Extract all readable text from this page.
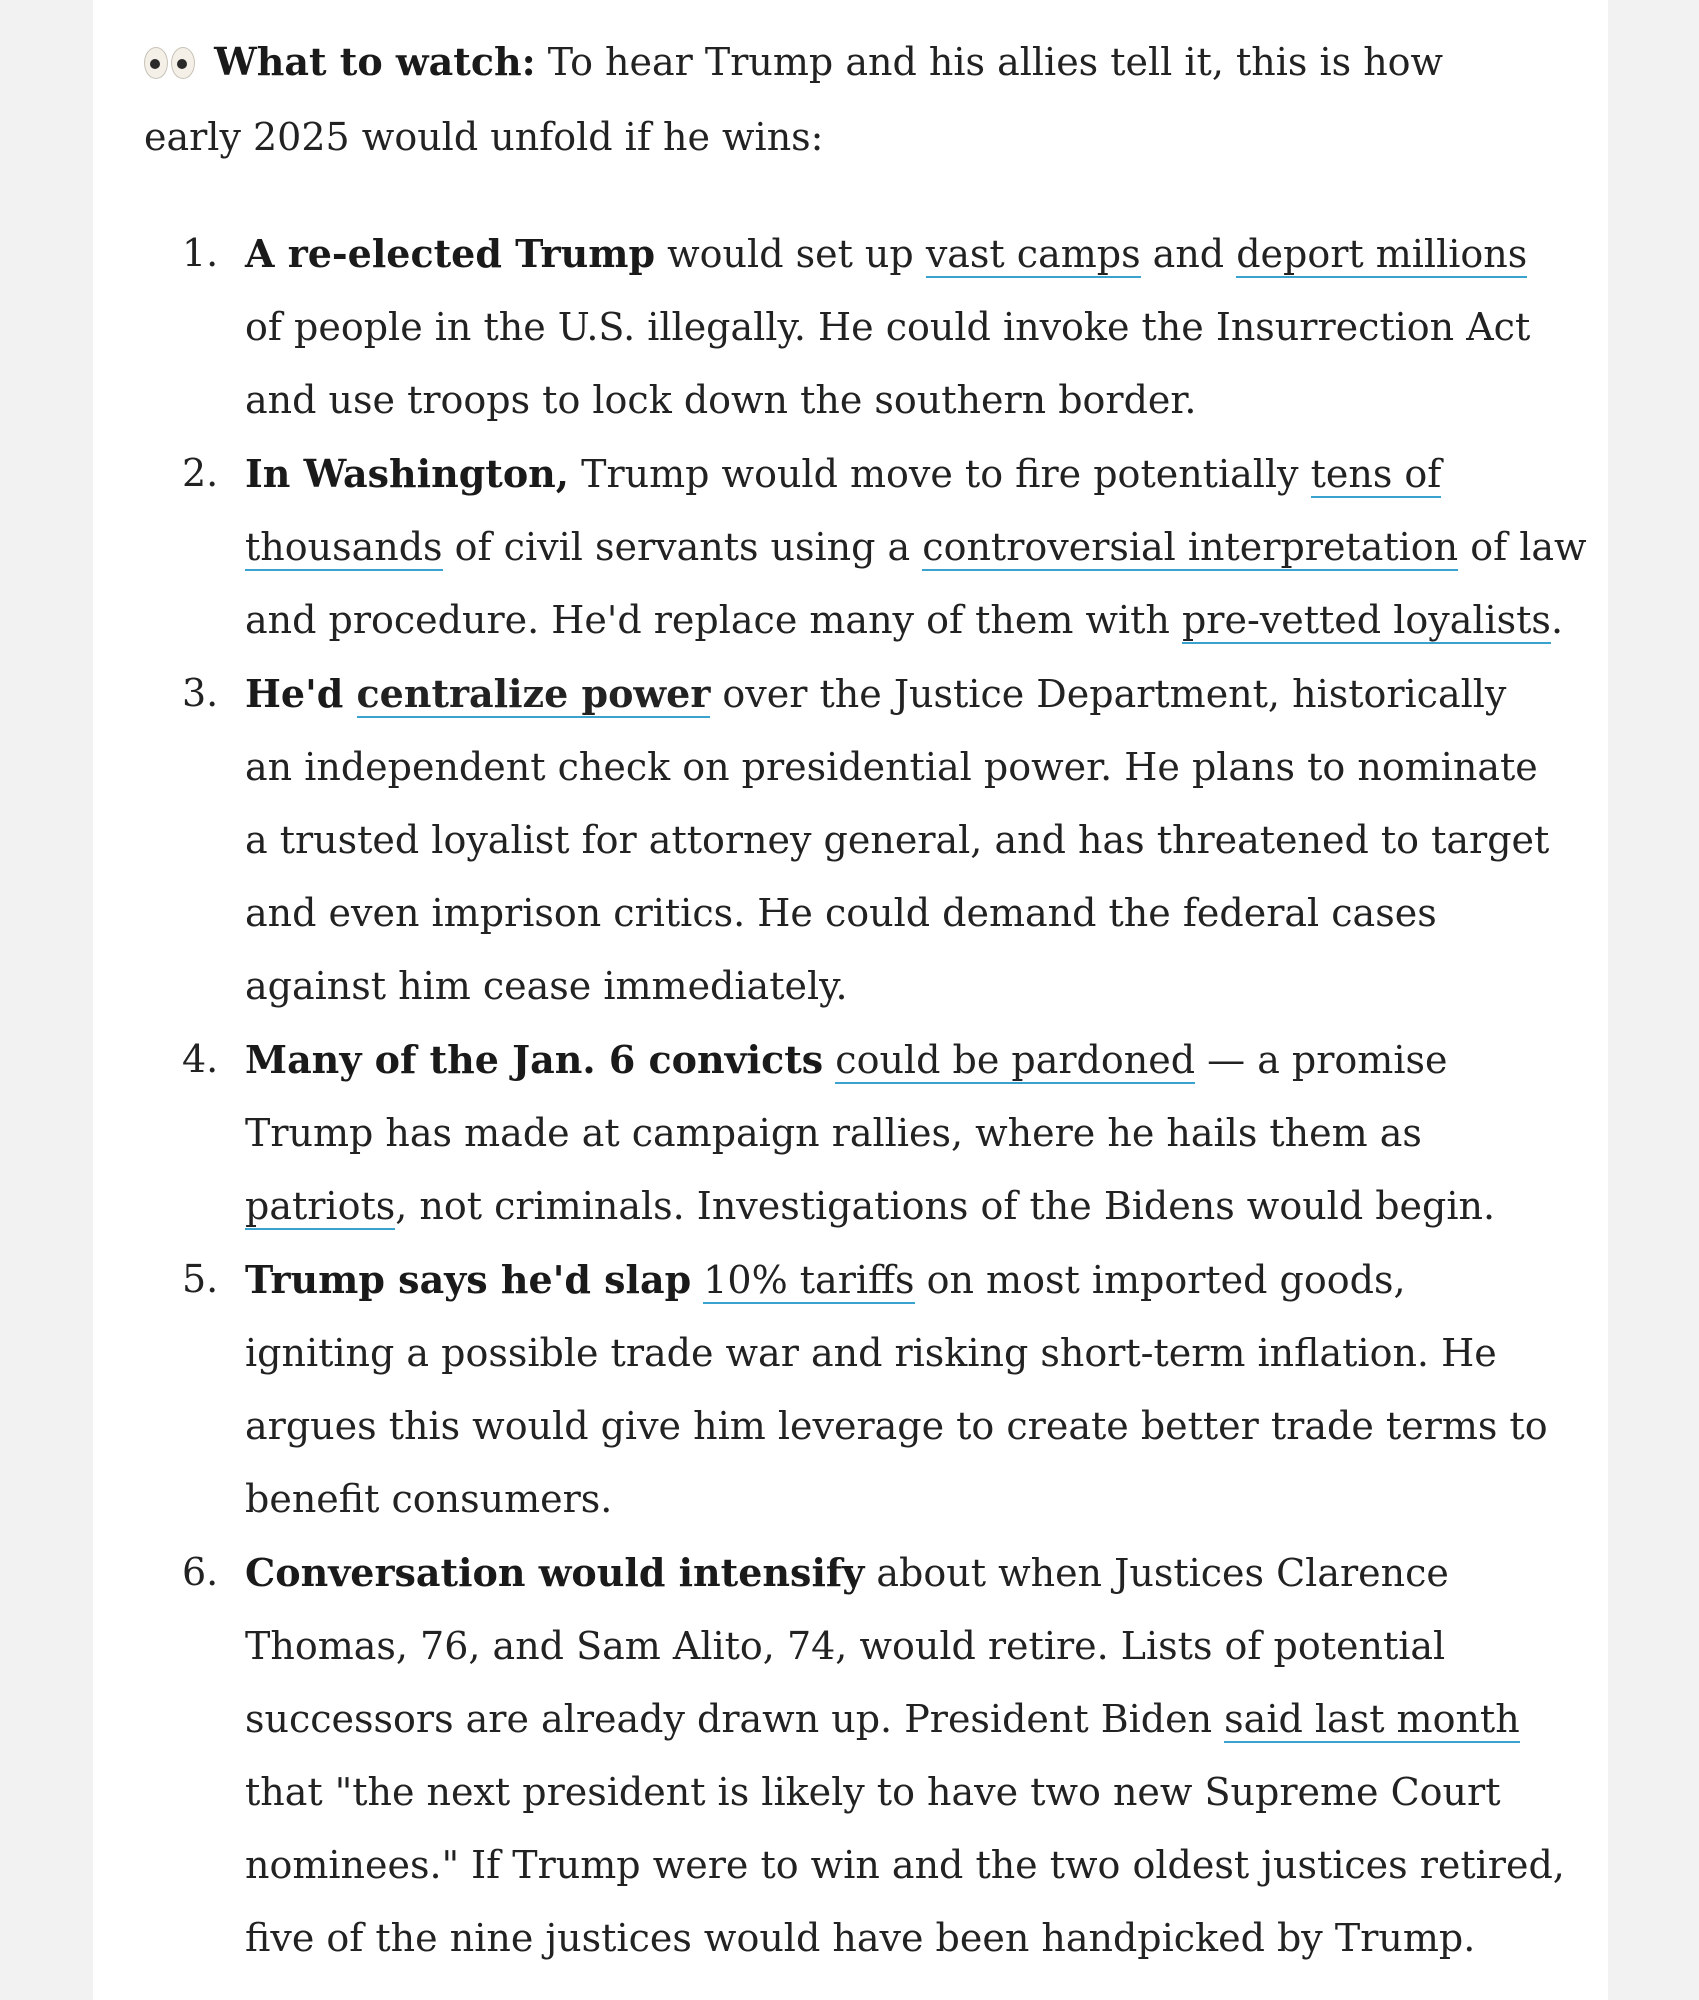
What to watch: To hear Trump and his allies tell it, this is how
early 2025 would unfold if he wins:

1. A re-elected Trump would set up vast camps and deport millions
of people in the U.S. illegally. He could invoke the Insurrection Act
and use troops to lock down the southern border.
2. In Washington, Trump would move to fire potentially tens of
thousands of civil servants using a controversial interpretation of law
and procedure. He'd replace many of them with pre-vetted loyalists.
3. He'd centralize power over the Justice Department, historically
an independent check on presidential power. He plans to nominate
a trusted loyalist for attorney general, and has threatened to target
and even imprison critics. He could demand the federal cases
against him cease immediately.
4. Many of the Jan. 6 convicts could be pardoned — a promise
Trump has made at campaign rallies, where he hails them as
patriots, not criminals. Investigations of the Bidens would begin.
5. Trump says he'd slap 10% tariffs on most imported goods,
igniting a possible trade war and risking short-term inflation. He
argues this would give him leverage to create better trade terms to
benefit consumers.
6. Conversation would intensify about when Justices Clarence
Thomas, 76, and Sam Alito, 74, would retire. Lists of potential
successors are already drawn up. President Biden said last month
that "the next president is likely to have two new Supreme Court
nominees." If Trump were to win and the two oldest justices retired,
five of the nine justices would have been handpicked by Trump.
